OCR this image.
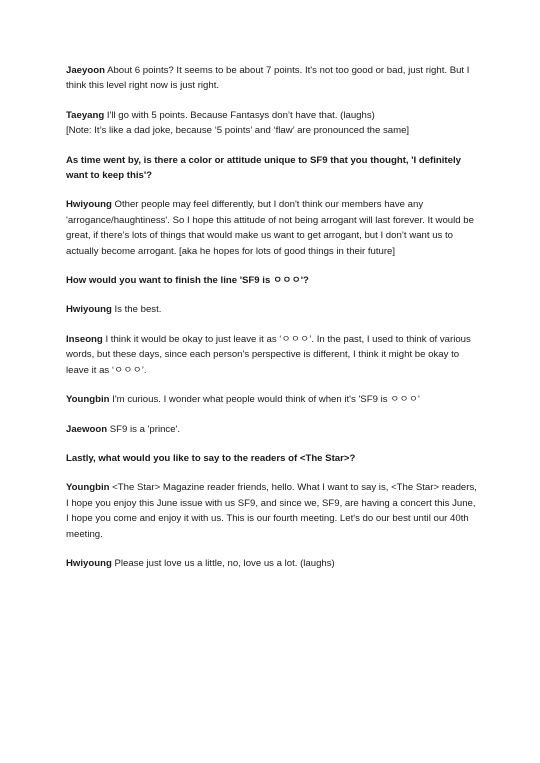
Jaeyoon About 6 points? It seems to be about 7 points. It's not too good or bad, just right. But I think this level right now is just right.

Taeyang I'll go with 5 points. Because Fantasys don’t have that. (laughs)
[Note: It’s like a dad joke, because ‘5 points’ and ‘flaw’ are pronounced the same]

As time went by, is there a color or attitude unique to SF9 that you thought, 'I definitely want to keep this'?

Hwiyoung Other people may feel differently, but I don't think our members have any 'arrogance/haughtiness'. So I hope this attitude of not being arrogant will last forever. It would be great, if there’s lots of things that would make us want to get arrogant, but I don’t want us to actually become arrogant. [aka he hopes for lots of good things in their future]

How would you want to finish the line 'SF9 is ㅇㅇㅇ'?

Hwiyoung Is the best.

Inseong I think it would be okay to just leave it as ‘ㅇㅇㅇ’. In the past, I used to think of various words, but these days, since each person's perspective is different, I think it might be okay to leave it as ‘ㅇㅇㅇ’.

Youngbin I'm curious. I wonder what people would think of when it's 'SF9 is ㅇㅇㅇ'

Jaewoon SF9 is a 'prince'.

Lastly, what would you like to say to the readers of <The Star>?

Youngbin <The Star> Magazine reader friends, hello. What I want to say is, <The Star> readers, I hope you enjoy this June issue with us SF9, and since we, SF9, are having a concert this June, I hope you come and enjoy it with us. This is our fourth meeting. Let's do our best until our 40th meeting.

Hwiyoung Please just love us a little, no, love us a lot. (laughs)
